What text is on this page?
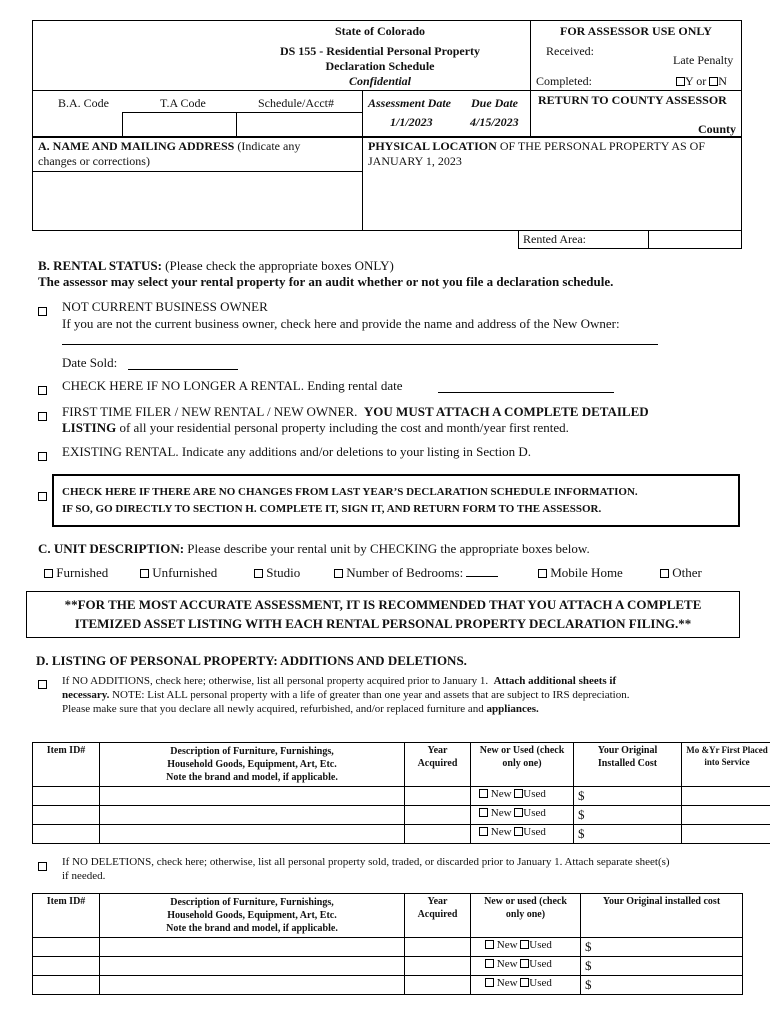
State of Colorado
DS 155 - Residential Personal Property
Declaration Schedule
Confidential
FOR ASSESSOR USE ONLY
Received:
Late Penalty
Completed:	Y or N
B.A. Code	T.A Code	Schedule/Acct#	Assessment Date Due Date
1/1/2023	4/15/2023
RETURN TO COUNTY ASSESSOR
County
A. NAME AND MAILING ADDRESS (Indicate any
changes or corrections)
PHYSICAL LOCATION OF THE PERSONAL PROPERTY AS OF
JANUARY 1, 2023
Rented Area:
B. RENTAL STATUS: (Please check the appropriate boxes ONLY)
The assessor may select your rental property for an audit whether or not you file a declaration schedule.
NOT CURRENT BUSINESS OWNER
If you are not the current business owner, check here and provide the name and address of the New Owner:
Date Sold:
CHECK HERE IF NO LONGER A RENTAL. Ending rental date
FIRST TIME FILER / NEW RENTAL / NEW OWNER. YOU MUST ATTACH A COMPLETE DETAILED
LISTING of all your residential personal property including the cost and month/year first rented.
EXISTING RENTAL. Indicate any additions and/or deletions to your listing in Section D.
CHECK HERE IF THERE ARE NO CHANGES FROM LAST YEAR’S DECLARATION SCHEDULE INFORMATION.
IF SO, GO DIRECTLY TO SECTION H. COMPLETE IT, SIGN IT, AND RETURN FORM TO THE ASSESSOR.
C. UNIT DESCRIPTION: Please describe your rental unit by CHECKING the appropriate boxes below.
Furnished	Unfurnished	Studio	Number of Bedrooms:	Mobile Home	Other
**FOR THE MOST ACCURATE ASSESSMENT, IT IS RECOMMENDED THAT YOU ATTACH A COMPLETE
ITEMIZED ASSET LISTING WITH EACH RENTAL PERSONAL PROPERTY DECLARATION FILING.**
D. LISTING OF PERSONAL PROPERTY: ADDITIONS AND DELETIONS.
If NO ADDITIONS, check here; otherwise, list all personal property acquired prior to January 1. Attach additional sheets if
necessary. NOTE: List ALL personal property with a life of greater than one year and assets that are subject to IRS depreciation.
Please make sure that you declare all newly acquired, refurbished, and/or replaced furniture and appliances.
Item ID#	Description of Furniture, Furnishings, Household Goods, Equipment, Art, Etc. Note the brand and model, if applicable.	Year Acquired	New or Used (check only one)	Your Original Installed Cost	Mo &Yr First Placed into Service
			New Used	$	
			New Used	$	
			New Used	$	
If NO DELETIONS, check here; otherwise, list all personal property sold, traded, or discarded prior to January 1. Attach separate sheet(s)
if needed.
Item ID#	Description of Furniture, Furnishings, Household Goods, Equipment, Art, Etc. Note the brand and model, if applicable.	Year Acquired	New or used (check only one)	Your Original installed cost
			New Used	$
			New Used	$
			New Used	$
